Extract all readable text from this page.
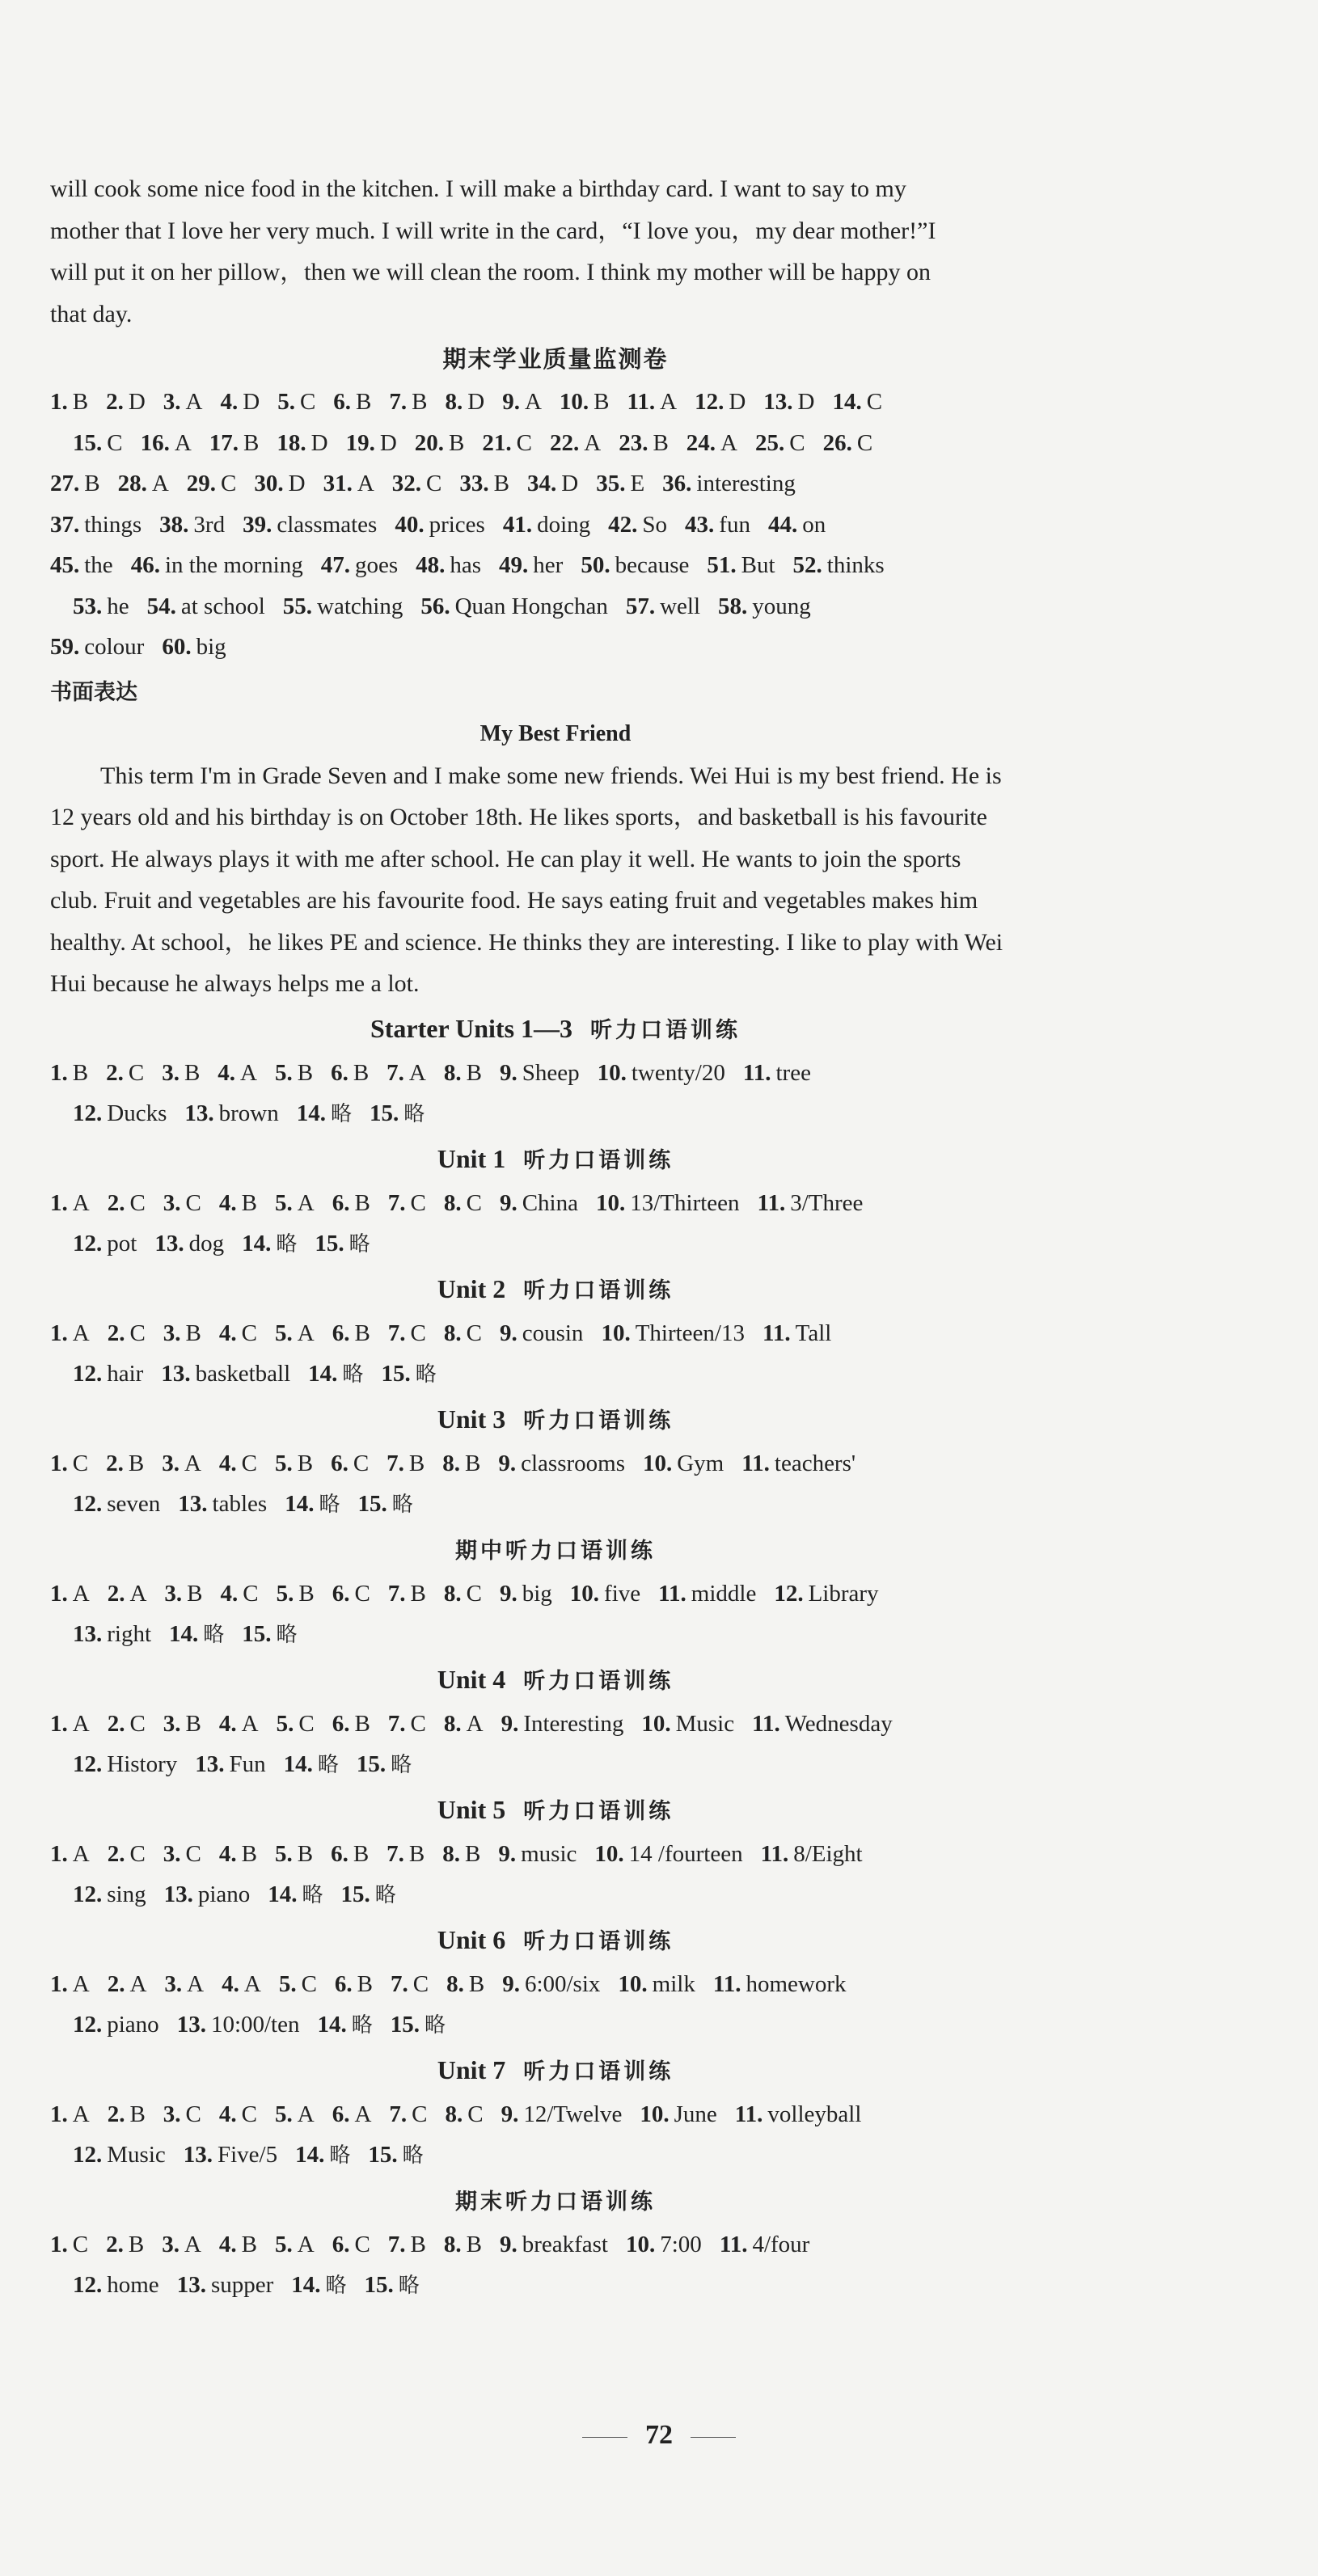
will cook some nice food in the kitchen. I will make a birthday card. I want to say to my
mother that I love her very much. I will write in the card，“I love you，my dear mother!”I
will put it on her pillow，then we will clean the room. I think my mother will be happy on
that day.
期末学业质量监测卷
1. B 2. D 3. A 4. D 5. C 6. B 7. B 8. D 9. A 10. B 11. A 12. D 13. D 14. C
15. C 16. A 17. B 18. D 19. D 20. B 21. C 22. A 23. B 24. A 25. C 26. C
27. B 28. A 29. C 30. D 31. A 32. C 33. B 34. D 35. E 36. interesting
37. things 38. 3rd 39. classmates 40. prices 41. doing 42. So 43. fun 44. on
45. the 46. in the morning 47. goes 48. has 49. her 50. because 51. But 52. thinks
53. he 54. at school 55. watching 56. Quan Hongchan 57. well 58. young
59. colour 60. big
书面表达
My Best Friend
This term I'm in Grade Seven and I make some new friends. Wei Hui is my best friend. He is
12 years old and his birthday is on October 18th. He likes sports，and basketball is his favourite
sport. He always plays it with me after school. He can play it well. He wants to join the sports
club. Fruit and vegetables are his favourite food. He says eating fruit and vegetables makes him
healthy. At school，he likes PE and science. He thinks they are interesting. I like to play with Wei
Hui because he always helps me a lot.
Starter Units 1—3 听力口语训练
1. B 2. C 3. B 4. A 5. B 6. B 7. A 8. B 9. Sheep 10. twenty/20 11. tree
12. Ducks 13. brown 14. 略 15. 略
Unit 1 听力口语训练
1. A 2. C 3. C 4. B 5. A 6. B 7. C 8. C 9. China 10. 13/Thirteen 11. 3/Three
12. pot 13. dog 14. 略 15. 略
Unit 2 听力口语训练
1. A 2. C 3. B 4. C 5. A 6. B 7. C 8. C 9. cousin 10. Thirteen/13 11. Tall
12. hair 13. basketball 14. 略 15. 略
Unit 3 听力口语训练
1. C 2. B 3. A 4. C 5. B 6. C 7. B 8. B 9. classrooms 10. Gym 11. teachers'
12. seven 13. tables 14. 略 15. 略
期中听力口语训练
1. A 2. A 3. B 4. C 5. B 6. C 7. B 8. C 9. big 10. five 11. middle 12. Library
13. right 14. 略 15. 略
Unit 4 听力口语训练
1. A 2. C 3. B 4. A 5. C 6. B 7. C 8. A 9. Interesting 10. Music 11. Wednesday
12. History 13. Fun 14. 略 15. 略
Unit 5 听力口语训练
1. A 2. C 3. C 4. B 5. B 6. B 7. B 8. B 9. music 10. 14 /fourteen 11. 8/Eight
12. sing 13. piano 14. 略 15. 略
Unit 6 听力口语训练
1. A 2. A 3. A 4. A 5. C 6. B 7. C 8. B 9. 6:00/six 10. milk 11. homework
12. piano 13. 10:00/ten 14. 略 15. 略
Unit 7 听力口语训练
1. A 2. B 3. C 4. C 5. A 6. A 7. C 8. C 9. 12/Twelve 10. June 11. volleyball
12. Music 13. Five/5 14. 略 15. 略
期末听力口语训练
1. C 2. B 3. A 4. B 5. A 6. C 7. B 8. B 9. breakfast 10. 7:00 11. 4/four
12. home 13. supper 14. 略 15. 略
72
